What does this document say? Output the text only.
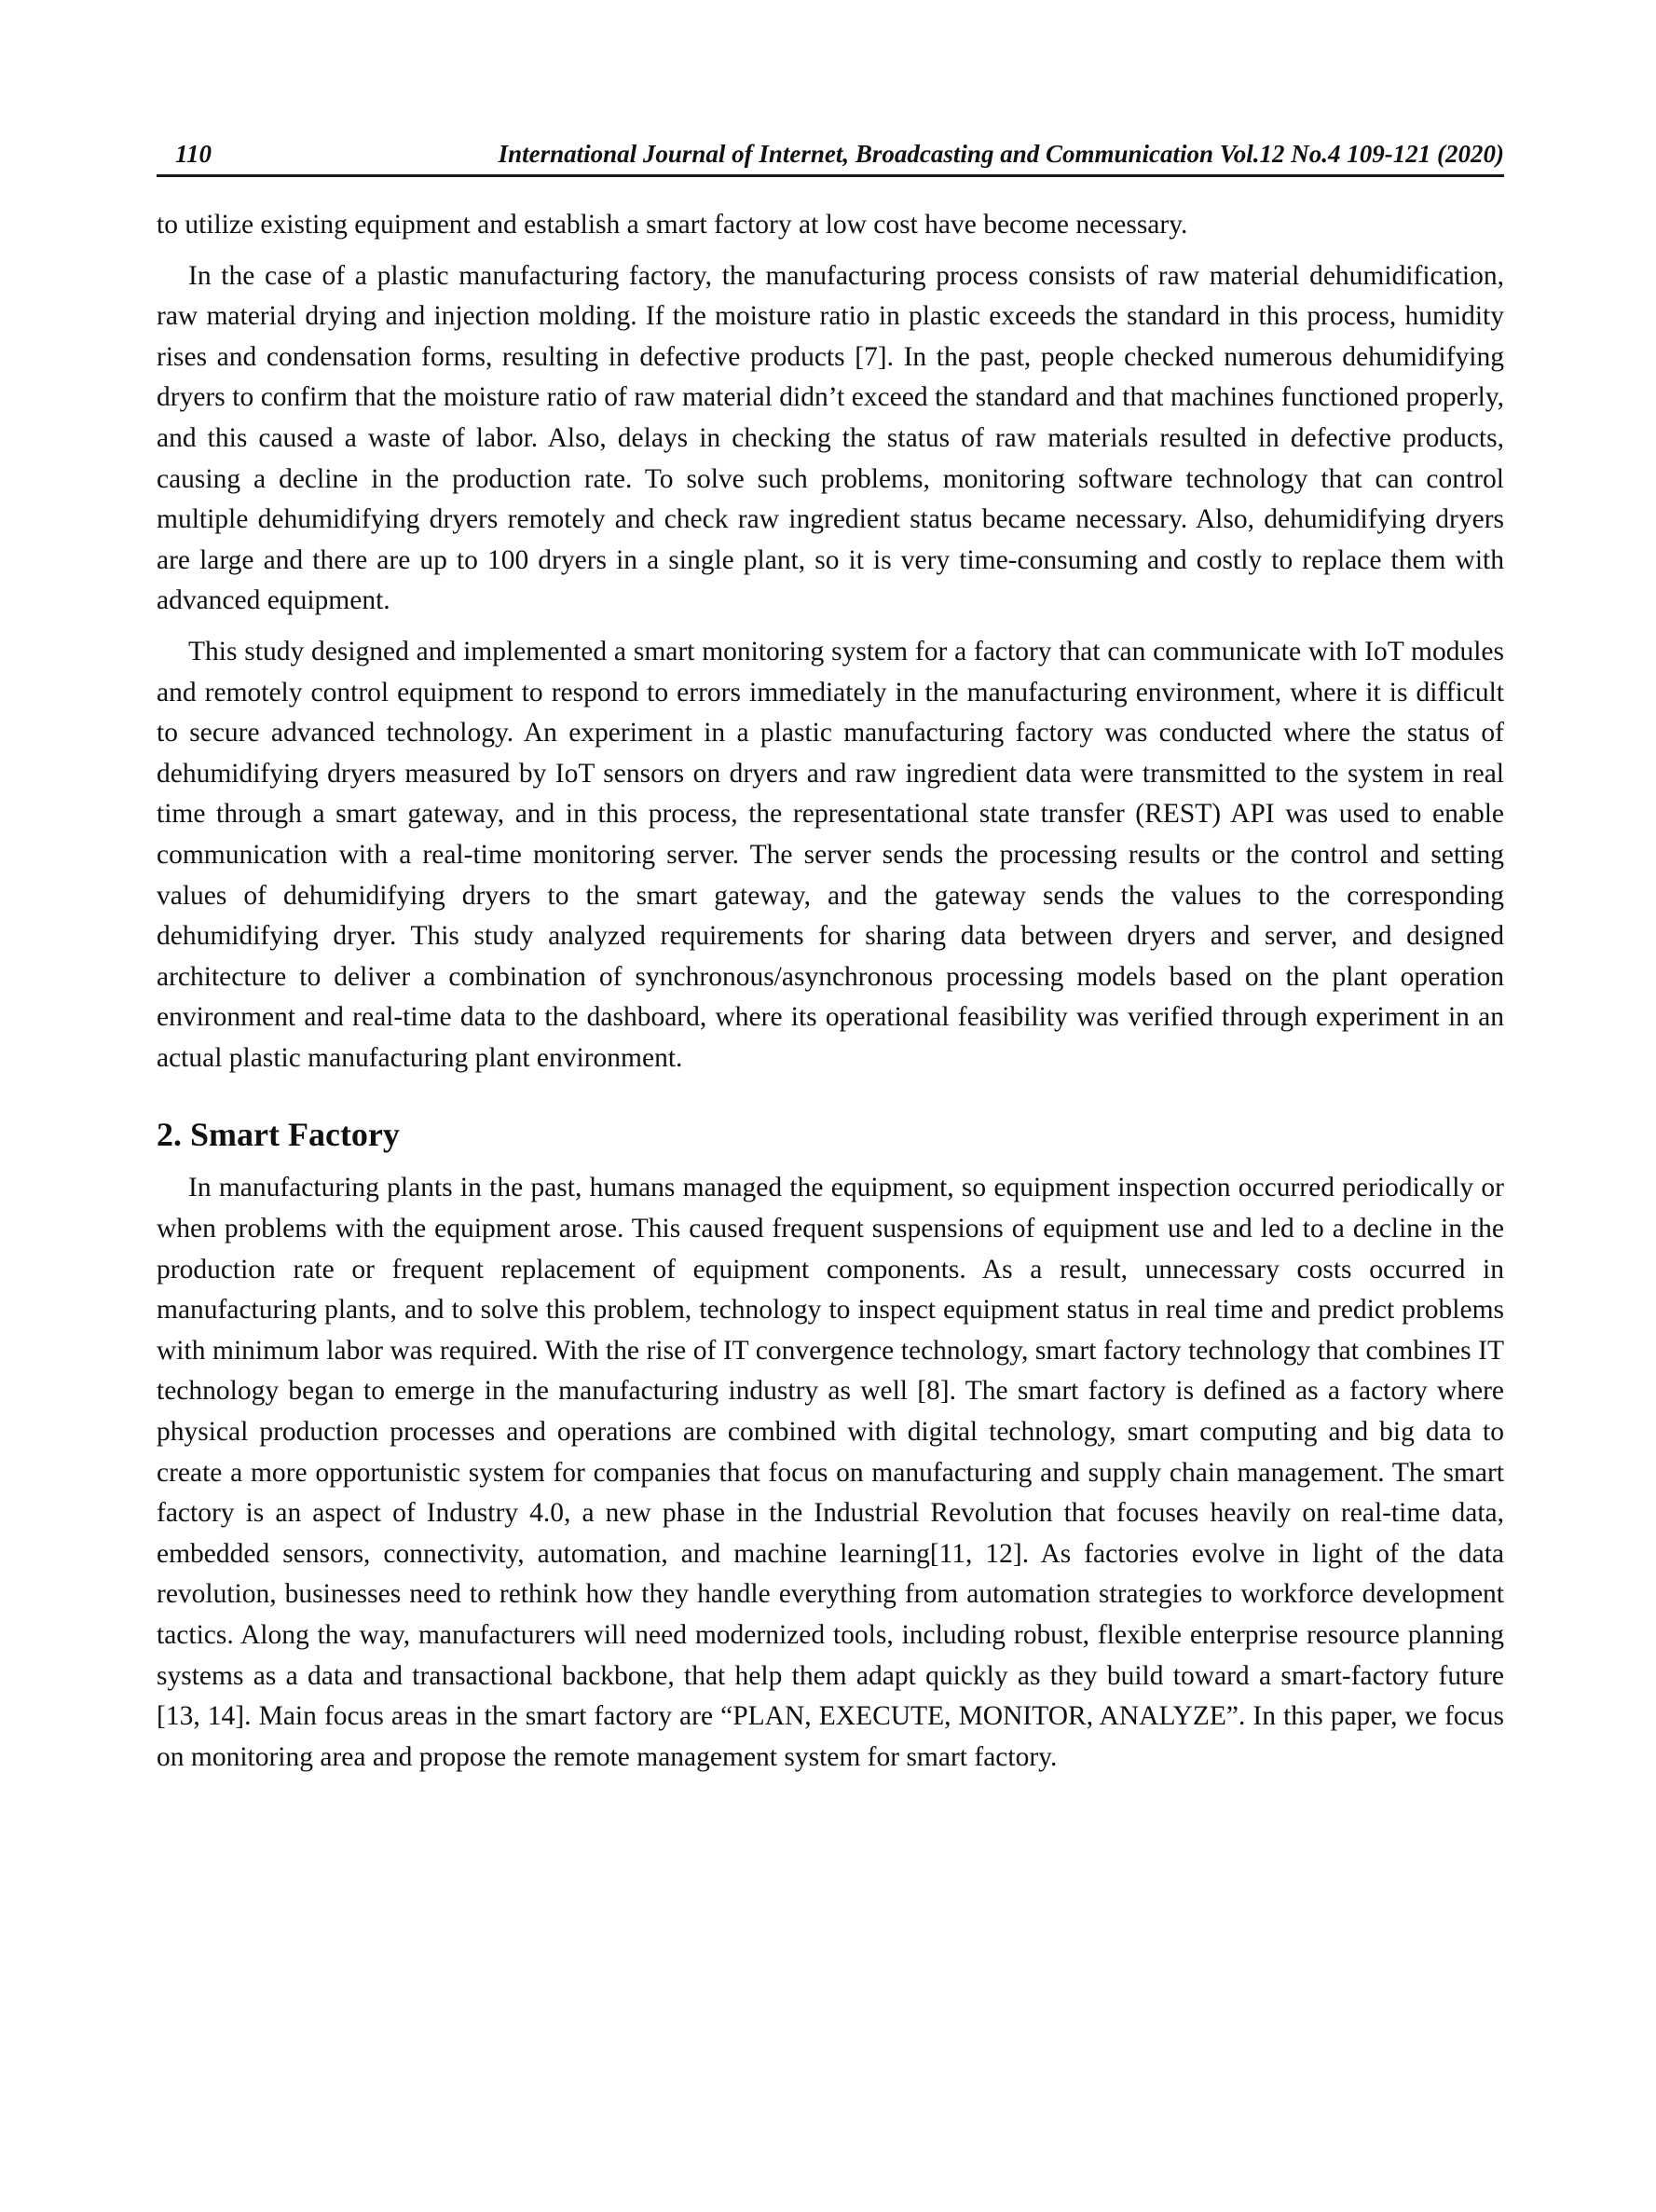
110	International Journal of Internet, Broadcasting and Communication Vol.12 No.4 109-121 (2020)

to utilize existing equipment and establish a smart factory at low cost have become necessary.

In the case of a plastic manufacturing factory, the manufacturing process consists of raw material dehumidification, raw material drying and injection molding. If the moisture ratio in plastic exceeds the standard in this process, humidity rises and condensation forms, resulting in defective products [7]. In the past, people checked numerous dehumidifying dryers to confirm that the moisture ratio of raw material didn’t exceed the standard and that machines functioned properly, and this caused a waste of labor. Also, delays in checking the status of raw materials resulted in defective products, causing a decline in the production rate. To solve such problems, monitoring software technology that can control multiple dehumidifying dryers remotely and check raw ingredient status became necessary. Also, dehumidifying dryers are large and there are up to 100 dryers in a single plant, so it is very time-consuming and costly to replace them with advanced equipment.

This study designed and implemented a smart monitoring system for a factory that can communicate with IoT modules and remotely control equipment to respond to errors immediately in the manufacturing environment, where it is difficult to secure advanced technology. An experiment in a plastic manufacturing factory was conducted where the status of dehumidifying dryers measured by IoT sensors on dryers and raw ingredient data were transmitted to the system in real time through a smart gateway, and in this process, the representational state transfer (REST) API was used to enable communication with a real-time monitoring server. The server sends the processing results or the control and setting values of dehumidifying dryers to the smart gateway, and the gateway sends the values to the corresponding dehumidifying dryer. This study analyzed requirements for sharing data between dryers and server, and designed architecture to deliver a combination of synchronous/asynchronous processing models based on the plant operation environment and real-time data to the dashboard, where its operational feasibility was verified through experiment in an actual plastic manufacturing plant environment.

2. Smart Factory

In manufacturing plants in the past, humans managed the equipment, so equipment inspection occurred periodically or when problems with the equipment arose. This caused frequent suspensions of equipment use and led to a decline in the production rate or frequent replacement of equipment components. As a result, unnecessary costs occurred in manufacturing plants, and to solve this problem, technology to inspect equipment status in real time and predict problems with minimum labor was required. With the rise of IT convergence technology, smart factory technology that combines IT technology began to emerge in the manufacturing industry as well [8]. The smart factory is defined as a factory where physical production processes and operations are combined with digital technology, smart computing and big data to create a more opportunistic system for companies that focus on manufacturing and supply chain management. The smart factory is an aspect of Industry 4.0, a new phase in the Industrial Revolution that focuses heavily on real-time data, embedded sensors, connectivity, automation, and machine learning[11, 12]. As factories evolve in light of the data revolution, businesses need to rethink how they handle everything from automation strategies to workforce development tactics. Along the way, manufacturers will need modernized tools, including robust, flexible enterprise resource planning systems as a data and transactional backbone, that help them adapt quickly as they build toward a smart-factory future [13, 14]. Main focus areas in the smart factory are “PLAN, EXECUTE, MONITOR, ANALYZE”. In this paper, we focus on monitoring area and propose the remote management system for smart factory.
